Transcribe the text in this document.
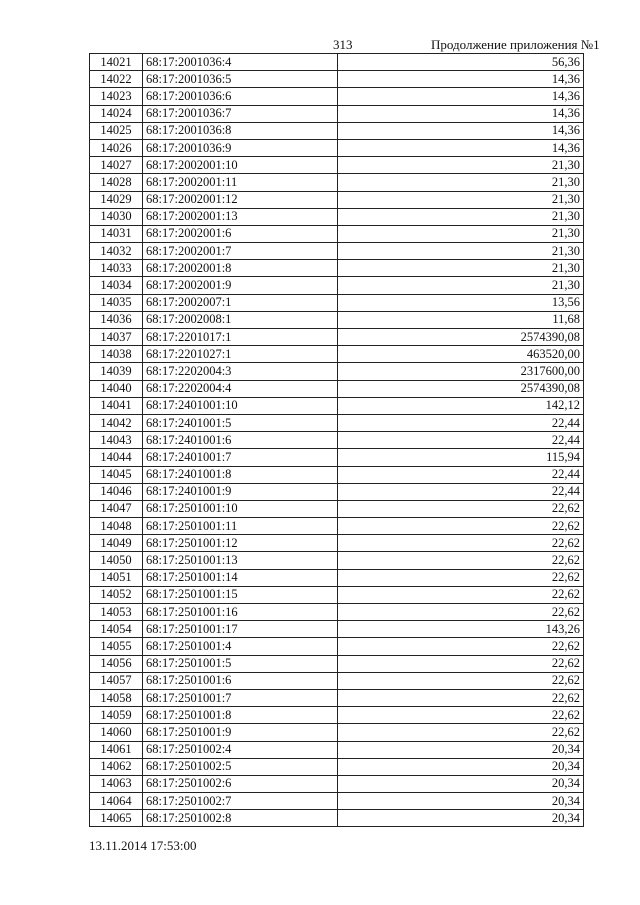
313	Продолжение приложения №1
14021	68:17:2001036:4	56,36
14022	68:17:2001036:5	14,36
14023	68:17:2001036:6	14,36
14024	68:17:2001036:7	14,36
14025	68:17:2001036:8	14,36
14026	68:17:2001036:9	14,36
14027	68:17:2002001:10	21,30
14028	68:17:2002001:11	21,30
14029	68:17:2002001:12	21,30
14030	68:17:2002001:13	21,30
14031	68:17:2002001:6	21,30
14032	68:17:2002001:7	21,30
14033	68:17:2002001:8	21,30
14034	68:17:2002001:9	21,30
14035	68:17:2002007:1	13,56
14036	68:17:2002008:1	11,68
14037	68:17:2201017:1	2574390,08
14038	68:17:2201027:1	463520,00
14039	68:17:2202004:3	2317600,00
14040	68:17:2202004:4	2574390,08
14041	68:17:2401001:10	142,12
14042	68:17:2401001:5	22,44
14043	68:17:2401001:6	22,44
14044	68:17:2401001:7	115,94
14045	68:17:2401001:8	22,44
14046	68:17:2401001:9	22,44
14047	68:17:2501001:10	22,62
14048	68:17:2501001:11	22,62
14049	68:17:2501001:12	22,62
14050	68:17:2501001:13	22,62
14051	68:17:2501001:14	22,62
14052	68:17:2501001:15	22,62
14053	68:17:2501001:16	22,62
14054	68:17:2501001:17	143,26
14055	68:17:2501001:4	22,62
14056	68:17:2501001:5	22,62
14057	68:17:2501001:6	22,62
14058	68:17:2501001:7	22,62
14059	68:17:2501001:8	22,62
14060	68:17:2501001:9	22,62
14061	68:17:2501002:4	20,34
14062	68:17:2501002:5	20,34
14063	68:17:2501002:6	20,34
14064	68:17:2501002:7	20,34
14065	68:17:2501002:8	20,34
13.11.2014 17:53:00
